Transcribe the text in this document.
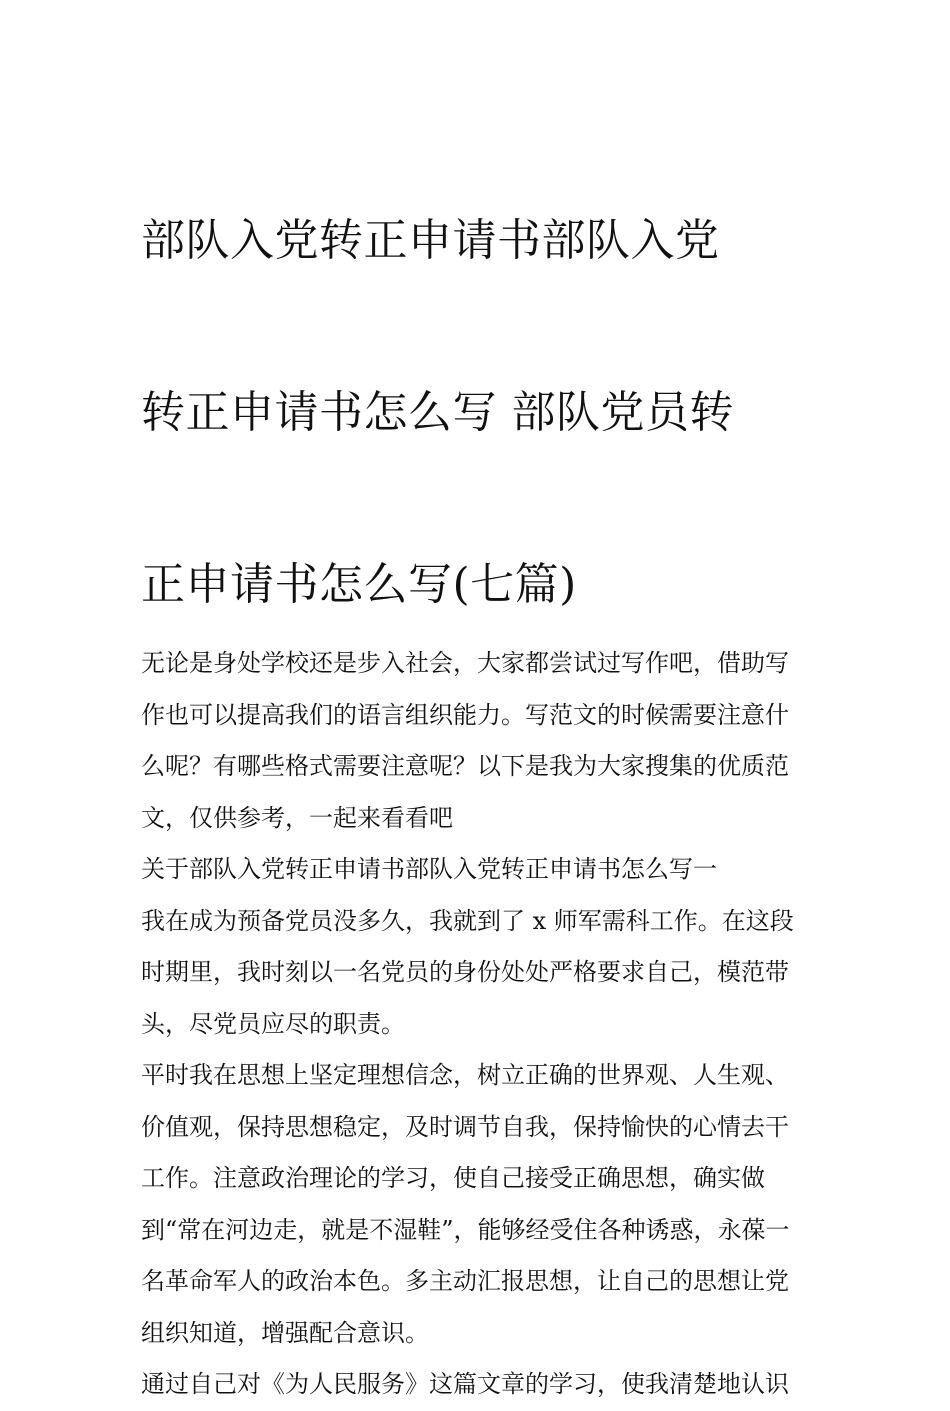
部队入党转正申请书部队入党

转正申请书怎么写 部队党员转

正申请书怎么写(七篇)

无论是身处学校还是步入社会，大家都尝试过写作吧，借助写
作也可以提高我们的语言组织能力。写范文的时候需要注意什
么呢？有哪些格式需要注意呢？以下是我为大家搜集的优质范
文，仅供参考，一起来看看吧
关于部队入党转正申请书部队入党转正申请书怎么写一
我在成为预备党员没多久，我就到了 x 师军需科工作。在这段
时期里，我时刻以一名党员的身份处处严格要求自己，模范带
头，尽党员应尽的职责。
平时我在思想上坚定理想信念，树立正确的世界观、人生观、
价值观，保持思想稳定，及时调节自我，保持愉快的心情去干
工作。注意政治理论的学习，使自己接受正确思想，确实做
到“常在河边走，就是不湿鞋”，能够经受住各种诱惑，永葆一
名革命军人的政治本色。多主动汇报思想，让自己的思想让党
组织知道，增强配合意识。
通过自己对《为人民服务》这篇文章的学习，使我清楚地认识
